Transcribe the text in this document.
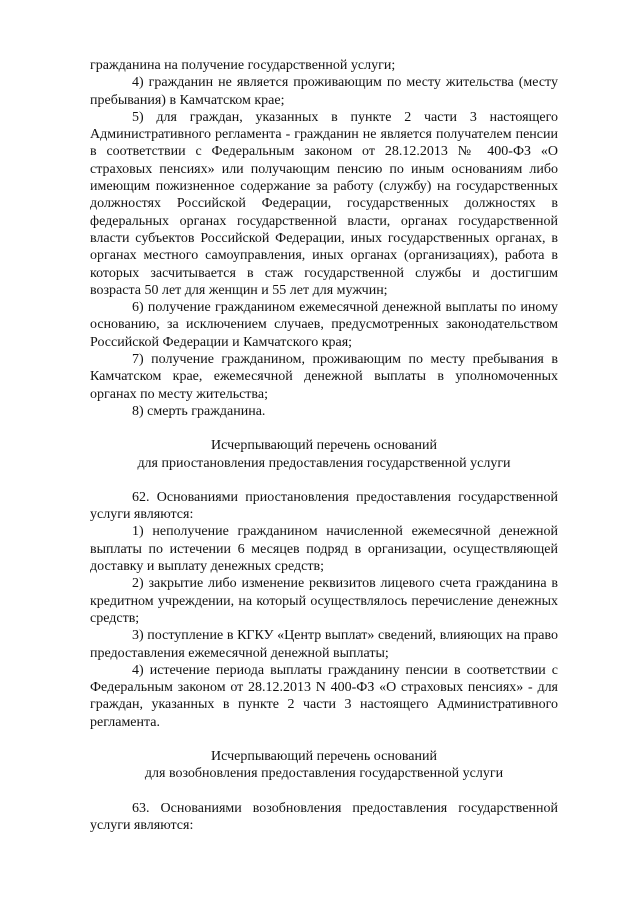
гражданина на получение государственной услуги;

4) гражданин не является проживающим по месту жительства (месту пребывания) в Камчатском крае;

5) для граждан, указанных в пункте 2 части 3 настоящего Административного регламента - гражданин не является получателем пенсии в соответствии с Федеральным законом от 28.12.2013 № 400-ФЗ «О страховых пенсиях» или получающим пенсию по иным основаниям либо имеющим пожизненное содержание за работу (службу) на государственных должностях Российской Федерации, государственных должностях в федеральных органах государственной власти, органах государственной власти субъектов Российской Федерации, иных государственных органах, в органах местного самоуправления, иных органах (организациях), работа в которых засчитывается в стаж государственной службы и достигшим возраста 50 лет для женщин и 55 лет для мужчин;

6) получение гражданином ежемесячной денежной выплаты по иному основанию, за исключением случаев, предусмотренных законодательством Российской Федерации и Камчатского края;

7) получение гражданином, проживающим по месту пребывания в Камчатском крае, ежемесячной денежной выплаты в уполномоченных органах по месту жительства;

8) смерть гражданина.

Исчерпывающий перечень оснований

для приостановления предоставления государственной услуги

62. Основаниями приостановления предоставления государственной услуги являются:

1) неполучение гражданином начисленной ежемесячной денежной выплаты по истечении 6 месяцев подряд в организации, осуществляющей доставку и выплату денежных средств;

2) закрытие либо изменение реквизитов лицевого счета гражданина в кредитном учреждении, на который осуществлялось перечисление денежных средств;

3) поступление в КГКУ «Центр выплат» сведений, влияющих на право предоставления ежемесячной денежной выплаты;

4) истечение периода выплаты гражданину пенсии в соответствии с Федеральным законом от 28.12.2013 N 400-ФЗ «О страховых пенсиях» - для граждан, указанных в пункте 2 части 3 настоящего Административного регламента.

Исчерпывающий перечень оснований

для возобновления предоставления государственной услуги

63. Основаниями возобновления предоставления государственной услуги являются:
